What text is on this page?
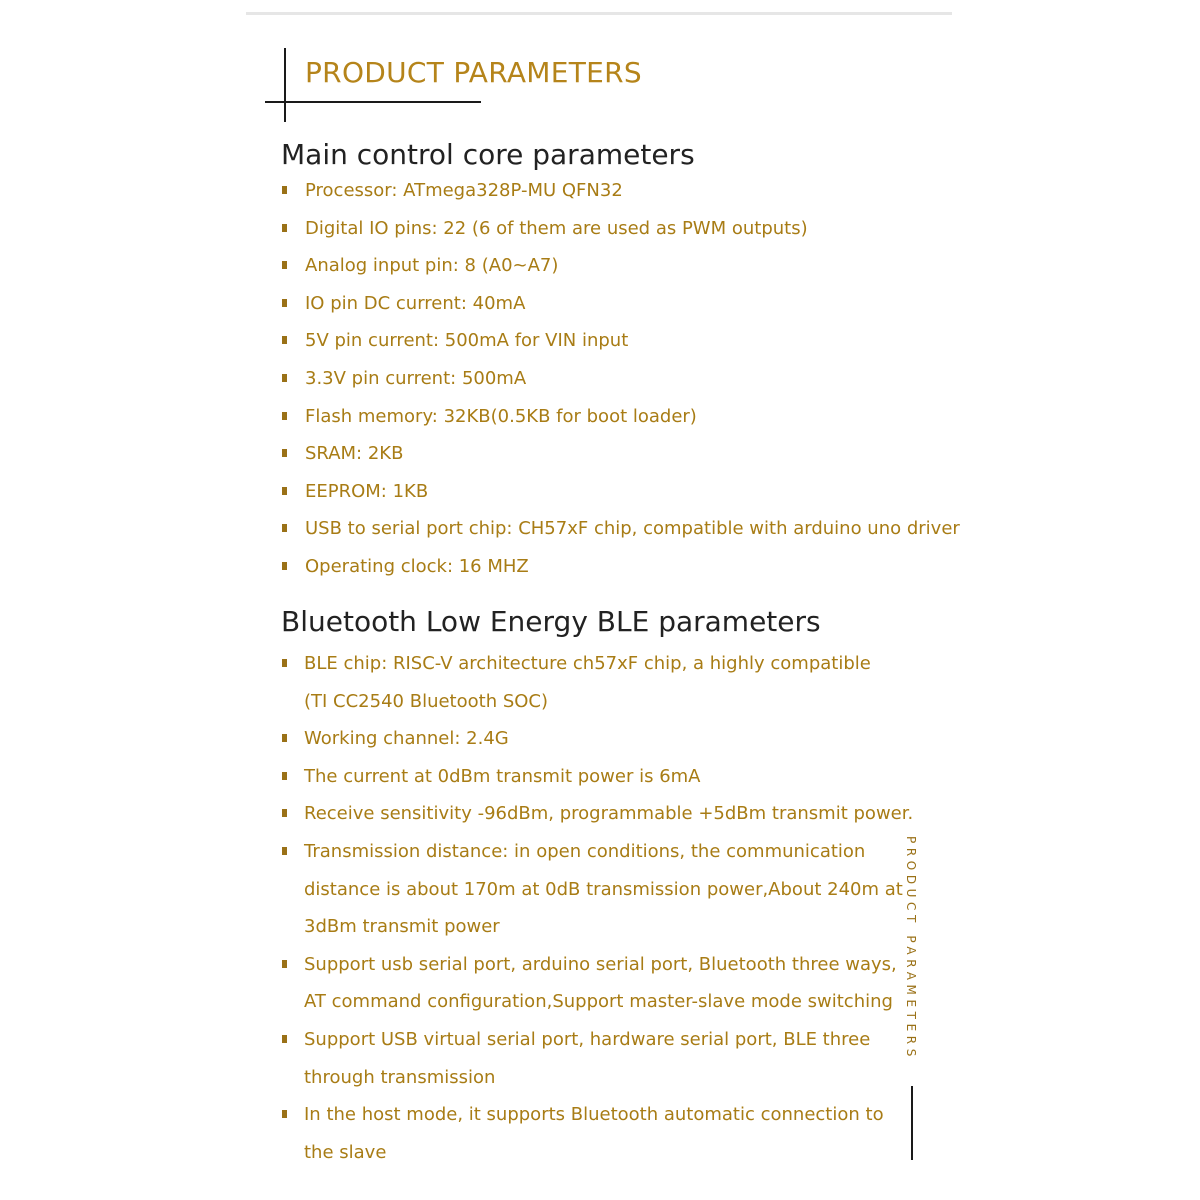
PRODUCT PARAMETERS
Main control core parameters
Processor: ATmega328P-MU QFN32
Digital IO pins: 22 (6 of them are used as PWM outputs)
Analog input pin: 8 (A0~A7)
IO pin DC current: 40mA
5V pin current: 500mA for VIN input
3.3V pin current: 500mA
Flash memory: 32KB(0.5KB for boot loader)
SRAM: 2KB
EEPROM: 1KB
USB to serial port chip: CH57xF chip, compatible with arduino uno driver
Operating clock: 16 MHZ
Bluetooth Low Energy BLE parameters
BLE chip: RISC-V architecture ch57xF chip, a highly compatible
(TI CC2540 Bluetooth SOC)
Working channel: 2.4G
The current at 0dBm transmit power is 6mA
Receive sensitivity -96dBm, programmable +5dBm transmit power.
Transmission distance: in open conditions, the communication
distance is about 170m at 0dB transmission power,About 240m at
3dBm transmit power
Support usb serial port, arduino serial port, Bluetooth three ways,
AT command configuration,Support master-slave mode switching
Support USB virtual serial port, hardware serial port, BLE three
through transmission
In the host mode, it supports Bluetooth automatic connection to
the slave
PRODUCT PARAMETERS
